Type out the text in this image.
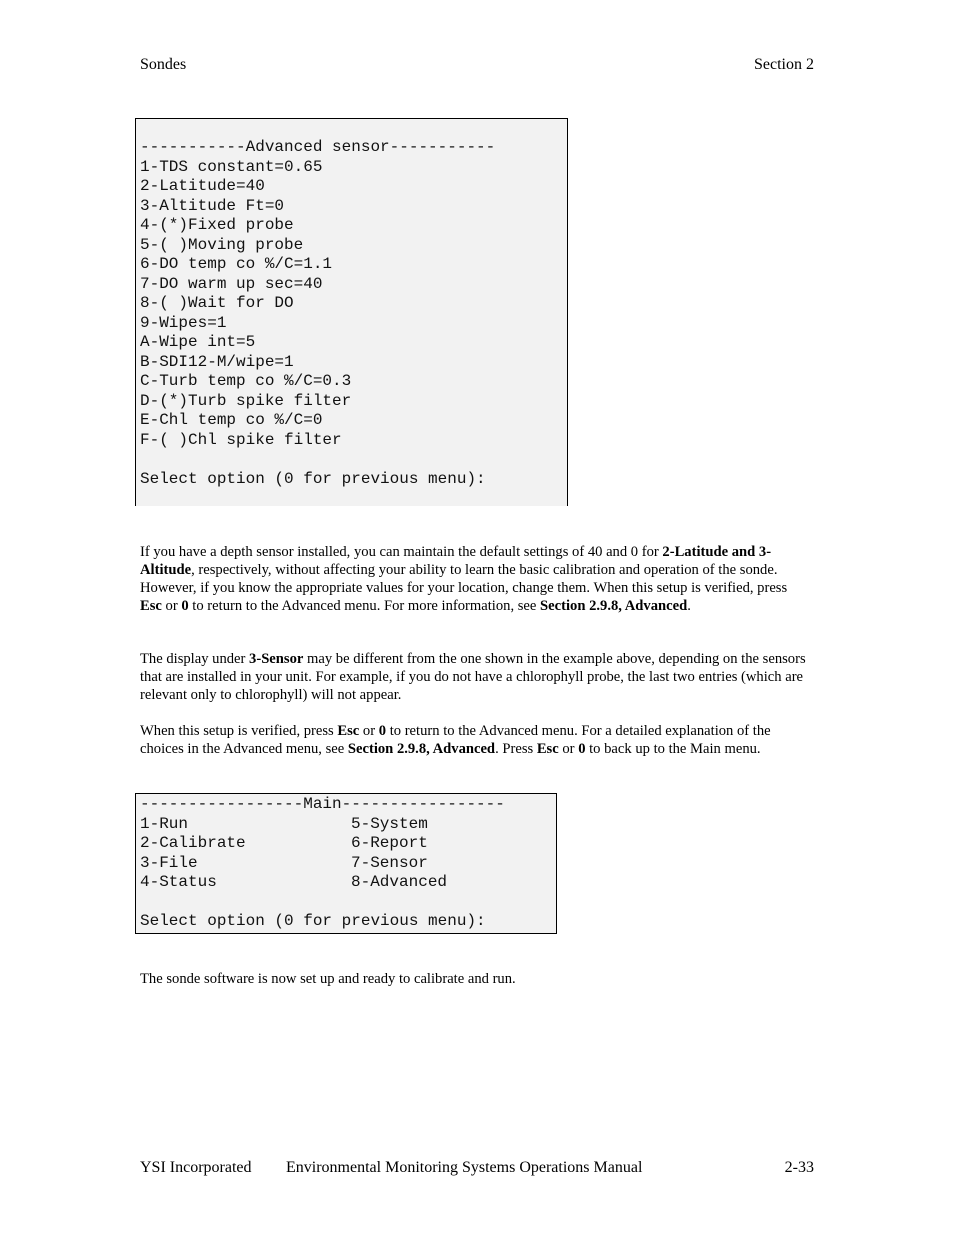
Sondes	Section 2
-----------Advanced sensor-----------
1-TDS constant=0.65
2-Latitude=40
3-Altitude Ft=0
4-(*)Fixed probe
5-( )Moving probe
6-DO temp co %/C=1.1
7-DO warm up sec=40
8-( )Wait for DO
9-Wipes=1
A-Wipe int=5
B-SDI12-M/wipe=1
C-Turb temp co %/C=0.3
D-(*)Turb spike filter
E-Chl temp co %/C=0
F-( )Chl spike filter
Select option (0 for previous menu):
If you have a depth sensor installed, you can maintain the default settings of 40 and 0 for 2-Latitude and 3-Altitude, respectively, without affecting your ability to learn the basic calibration and operation of the sonde. However, if you know the appropriate values for your location, change them. When this setup is verified, press Esc or 0 to return to the Advanced menu. For more information, see Section 2.9.8, Advanced.
The display under 3-Sensor may be different from the one shown in the example above, depending on the sensors that are installed in your unit. For example, if you do not have a chlorophyll probe, the last two entries (which are relevant only to chlorophyll) will not appear.
When this setup is verified, press Esc or 0 to return to the Advanced menu. For a detailed explanation of the choices in the Advanced menu, see Section 2.9.8, Advanced. Press Esc or 0 to back up to the Main menu.
-----------------Main-----------------
1-Run	5-System
2-Calibrate	6-Report
3-File	7-Sensor
4-Status	8-Advanced
Select option (0 for previous menu):
The sonde software is now set up and ready to calibrate and run.
YSI Incorporated Environmental Monitoring Systems Operations Manual	2-33
